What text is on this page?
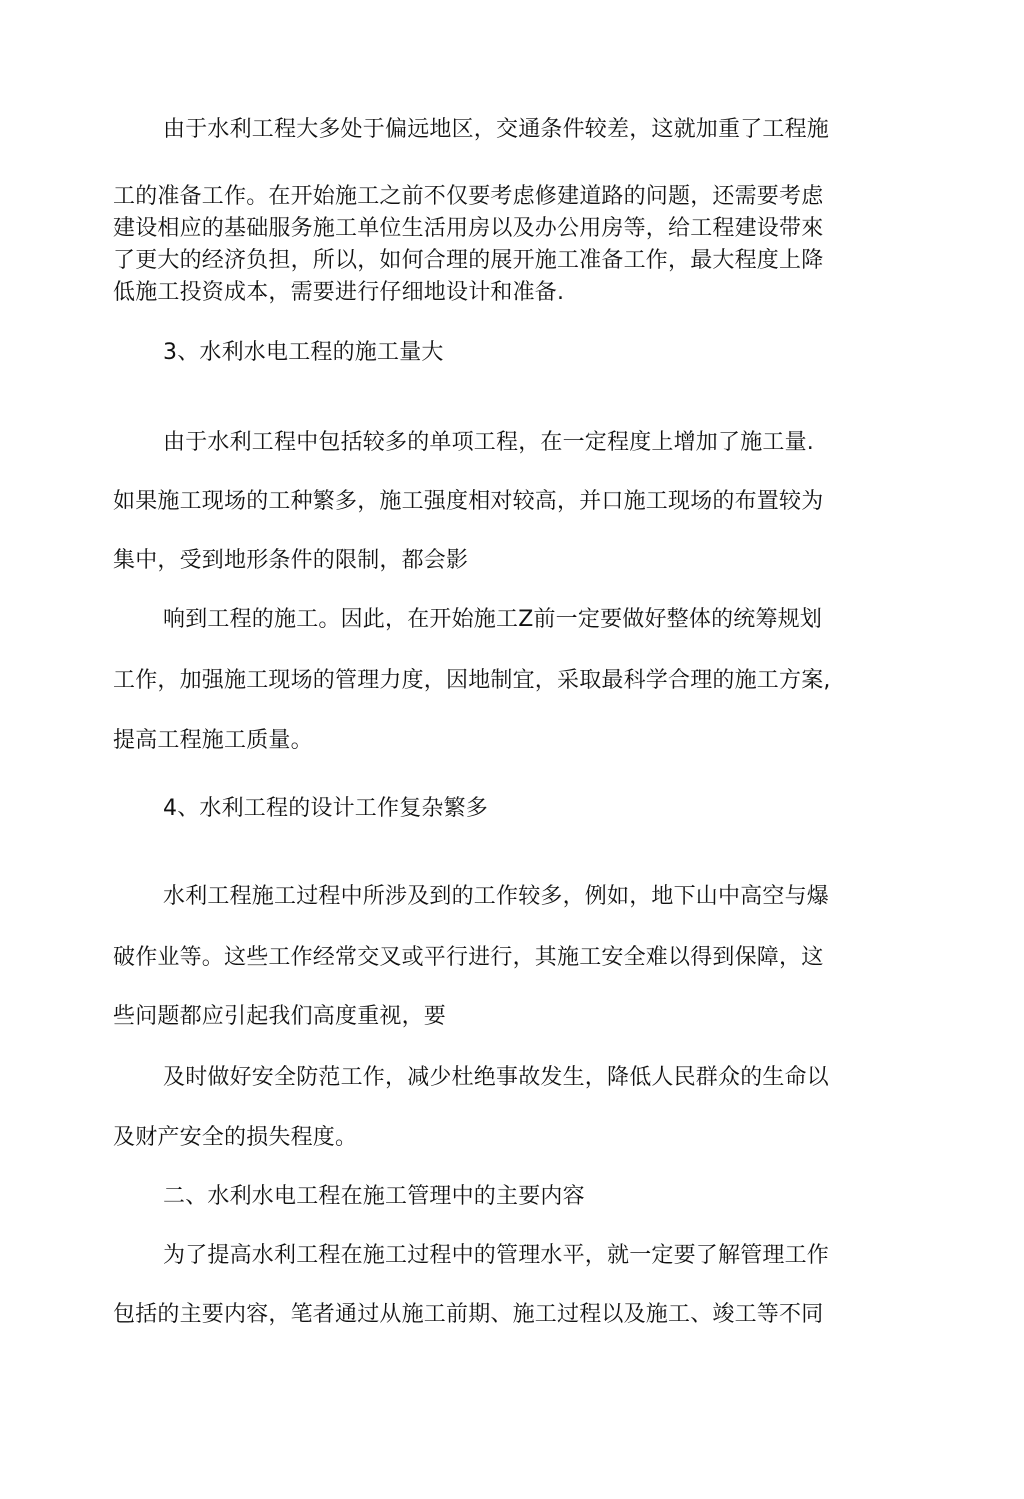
由于水利工程大多处于偏远地区，交通条件较差，这就加重了工程施
工的准备工作。在开始施工之前不仅要考虑修建道路的问题，还需要考虑
建设相应的基础服务施工单位生活用房以及办公用房等，给工程建设带來
了更大的经济负担，所以，如何合理的展开施工准备工作，最大程度上降
低施工投资成本，需要进行仔细地设计和准备.
3、水利水电工程的施工量大
由于水利工程中包括较多的单项工程，在一定程度上增加了施工量.
如果施工现场的工种繁多，施工强度相对较高，并口施工现场的布置较为
集中，受到地形条件的限制，都会影
响到工程的施工。因此，在开始施工Z前一定要做好整体的统筹规划
工作，加强施工现场的管理力度，因地制宜，采取最科学合理的施工方案,
提高工程施工质量。
4、水利工程的设计工作复杂繁多
水利工程施工过程中所涉及到的工作较多，例如，地下山中高空与爆
破作业等。这些工作经常交叉或平行进行，其施工安全难以得到保障，这
些问题都应引起我们高度重视，要
及时做好安全防范工作，减少杜绝事故发生，降低人民群众的生命以
及财产安全的损失程度。
二、水利水电工程在施工管理中的主要内容
为了提高水利工程在施工过程中的管理水平，就一定要了解管理工作
包括的主要内容，笔者通过从施工前期、施工过程以及施工、竣工等不同
